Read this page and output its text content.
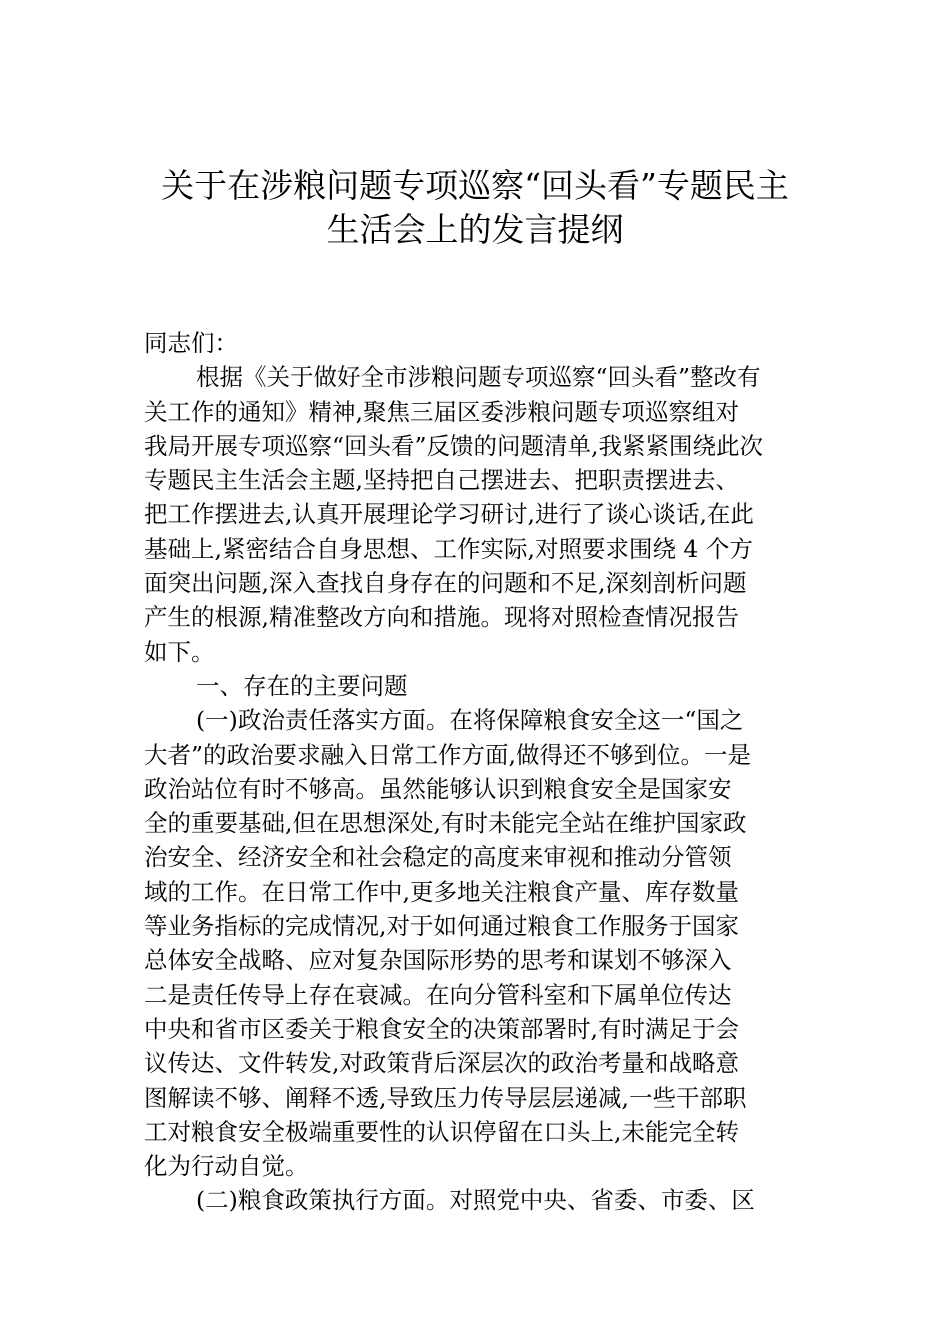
关于在涉粮问题专项巡察“回头看”专题民主
生活会上的发言提纲
同志们：
根据《关于做好全市涉粮问题专项巡察“回头看”整改有
关工作的通知》精神,聚焦三届区委涉粮问题专项巡察组对
我局开展专项巡察“回头看”反馈的问题清单,我紧紧围绕此次
专题民主生活会主题,坚持把自己摆进去、把职责摆进去、
把工作摆进去,认真开展理论学习研讨,进行了谈心谈话,在此
基础上,紧密结合自身思想、工作实际,对照要求围绕 4 个方
面突出问题,深入查找自身存在的问题和不足,深刻剖析问题
产生的根源,精准整改方向和措施。现将对照检查情况报告
如下。
一、存在的主要问题
(一)政治责任落实方面。在将保障粮食安全这一“国之
大者”的政治要求融入日常工作方面,做得还不够到位。一是
政治站位有时不够高。虽然能够认识到粮食安全是国家安
全的重要基础,但在思想深处,有时未能完全站在维护国家政
治安全、经济安全和社会稳定的高度来审视和推动分管领
域的工作。在日常工作中,更多地关注粮食产量、库存数量
等业务指标的完成情况,对于如何通过粮食工作服务于国家
总体安全战略、应对复杂国际形势的思考和谋划不够深入
二是责任传导上存在衰减。在向分管科室和下属单位传达
中央和省市区委关于粮食安全的决策部署时,有时满足于会
议传达、文件转发,对政策背后深层次的政治考量和战略意
图解读不够、阐释不透,导致压力传导层层递减,一些干部职
工对粮食安全极端重要性的认识停留在口头上,未能完全转
化为行动自觉。
(二)粮食政策执行方面。对照党中央、省委、市委、区
